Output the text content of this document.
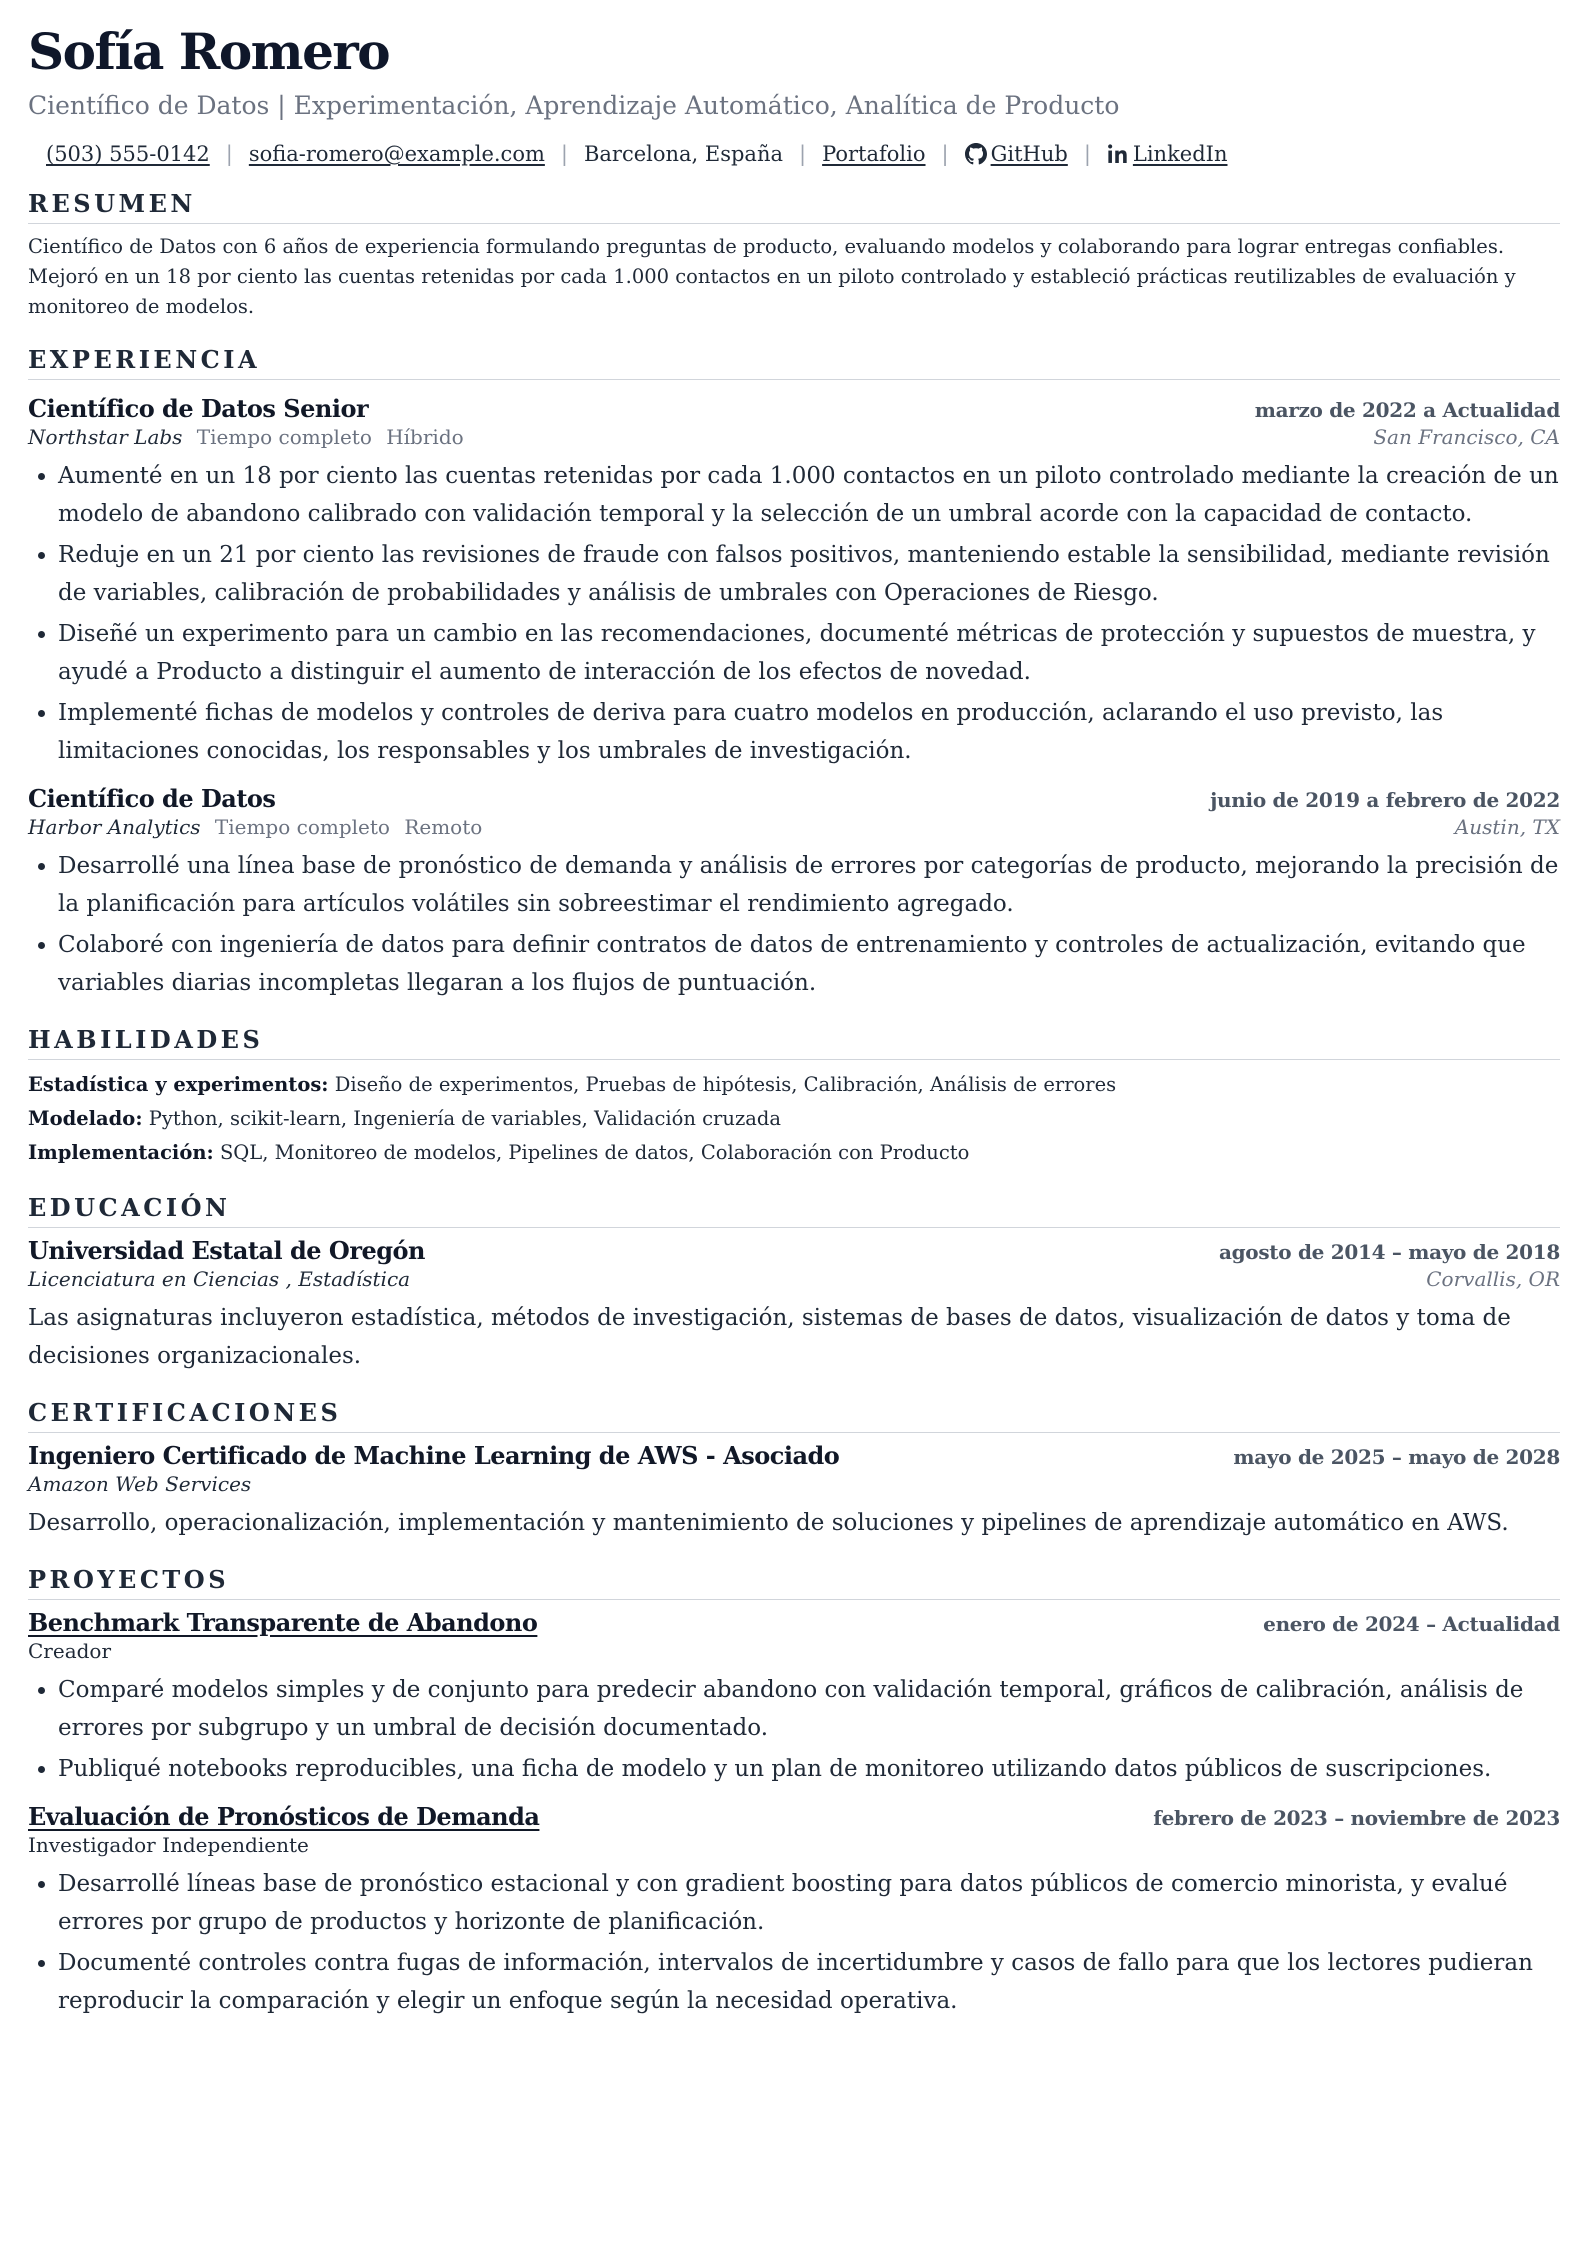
Sofía Romero
Científico de Datos | Experimentación, Aprendizaje Automático, Analítica de Producto
(503) 555-0142 | sofia-romero@example.com | Barcelona, España | Portafolio | GitHub | LinkedIn
RESUMEN
Científico de Datos con 6 años de experiencia formulando preguntas de producto, evaluando modelos y colaborando para lograr entregas confiables. Mejoró en un 18 por ciento las cuentas retenidas por cada 1.000 contactos en un piloto controlado y estableció prácticas reutilizables de evaluación y monitoreo de modelos.
EXPERIENCIA
Científico de Datos Senior	marzo de 2022 a Actualidad
Northstar Labs Tiempo completo Híbrido	San Francisco, CA
• Aumenté en un 18 por ciento las cuentas retenidas por cada 1.000 contactos en un piloto controlado mediante la creación de un modelo de abandono calibrado con validación temporal y la selección de un umbral acorde con la capacidad de contacto.
• Reduje en un 21 por ciento las revisiones de fraude con falsos positivos, manteniendo estable la sensibilidad, mediante revisión de variables, calibración de probabilidades y análisis de umbrales con Operaciones de Riesgo.
• Diseñé un experimento para un cambio en las recomendaciones, documenté métricas de protección y supuestos de muestra, y ayudé a Producto a distinguir el aumento de interacción de los efectos de novedad.
• Implementé fichas de modelos y controles de deriva para cuatro modelos en producción, aclarando el uso previsto, las limitaciones conocidas, los responsables y los umbrales de investigación.
Científico de Datos	junio de 2019 a febrero de 2022
Harbor Analytics Tiempo completo Remoto	Austin, TX
• Desarrollé una línea base de pronóstico de demanda y análisis de errores por categorías de producto, mejorando la precisión de la planificación para artículos volátiles sin sobreestimar el rendimiento agregado.
• Colaboré con ingeniería de datos para definir contratos de datos de entrenamiento y controles de actualización, evitando que variables diarias incompletas llegaran a los flujos de puntuación.
HABILIDADES
Estadística y experimentos: Diseño de experimentos, Pruebas de hipótesis, Calibración, Análisis de errores
Modelado: Python, scikit-learn, Ingeniería de variables, Validación cruzada
Implementación: SQL, Monitoreo de modelos, Pipelines de datos, Colaboración con Producto
EDUCACIÓN
Universidad Estatal de Oregón	agosto de 2014 – mayo de 2018
Licenciatura en Ciencias , Estadística	Corvallis, OR
Las asignaturas incluyeron estadística, métodos de investigación, sistemas de bases de datos, visualización de datos y toma de decisiones organizacionales.
CERTIFICACIONES
Ingeniero Certificado de Machine Learning de AWS - Asociado	mayo de 2025 – mayo de 2028
Amazon Web Services
Desarrollo, operacionalización, implementación y mantenimiento de soluciones y pipelines de aprendizaje automático en AWS.
PROYECTOS
Benchmark Transparente de Abandono	enero de 2024 – Actualidad
Creador
• Comparé modelos simples y de conjunto para predecir abandono con validación temporal, gráficos de calibración, análisis de errores por subgrupo y un umbral de decisión documentado.
• Publiqué notebooks reproducibles, una ficha de modelo y un plan de monitoreo utilizando datos públicos de suscripciones.
Evaluación de Pronósticos de Demanda	febrero de 2023 – noviembre de 2023
Investigador Independiente
• Desarrollé líneas base de pronóstico estacional y con gradient boosting para datos públicos de comercio minorista, y evalué errores por grupo de productos y horizonte de planificación.
• Documenté controles contra fugas de información, intervalos de incertidumbre y casos de fallo para que los lectores pudieran reproducir la comparación y elegir un enfoque según la necesidad operativa.
